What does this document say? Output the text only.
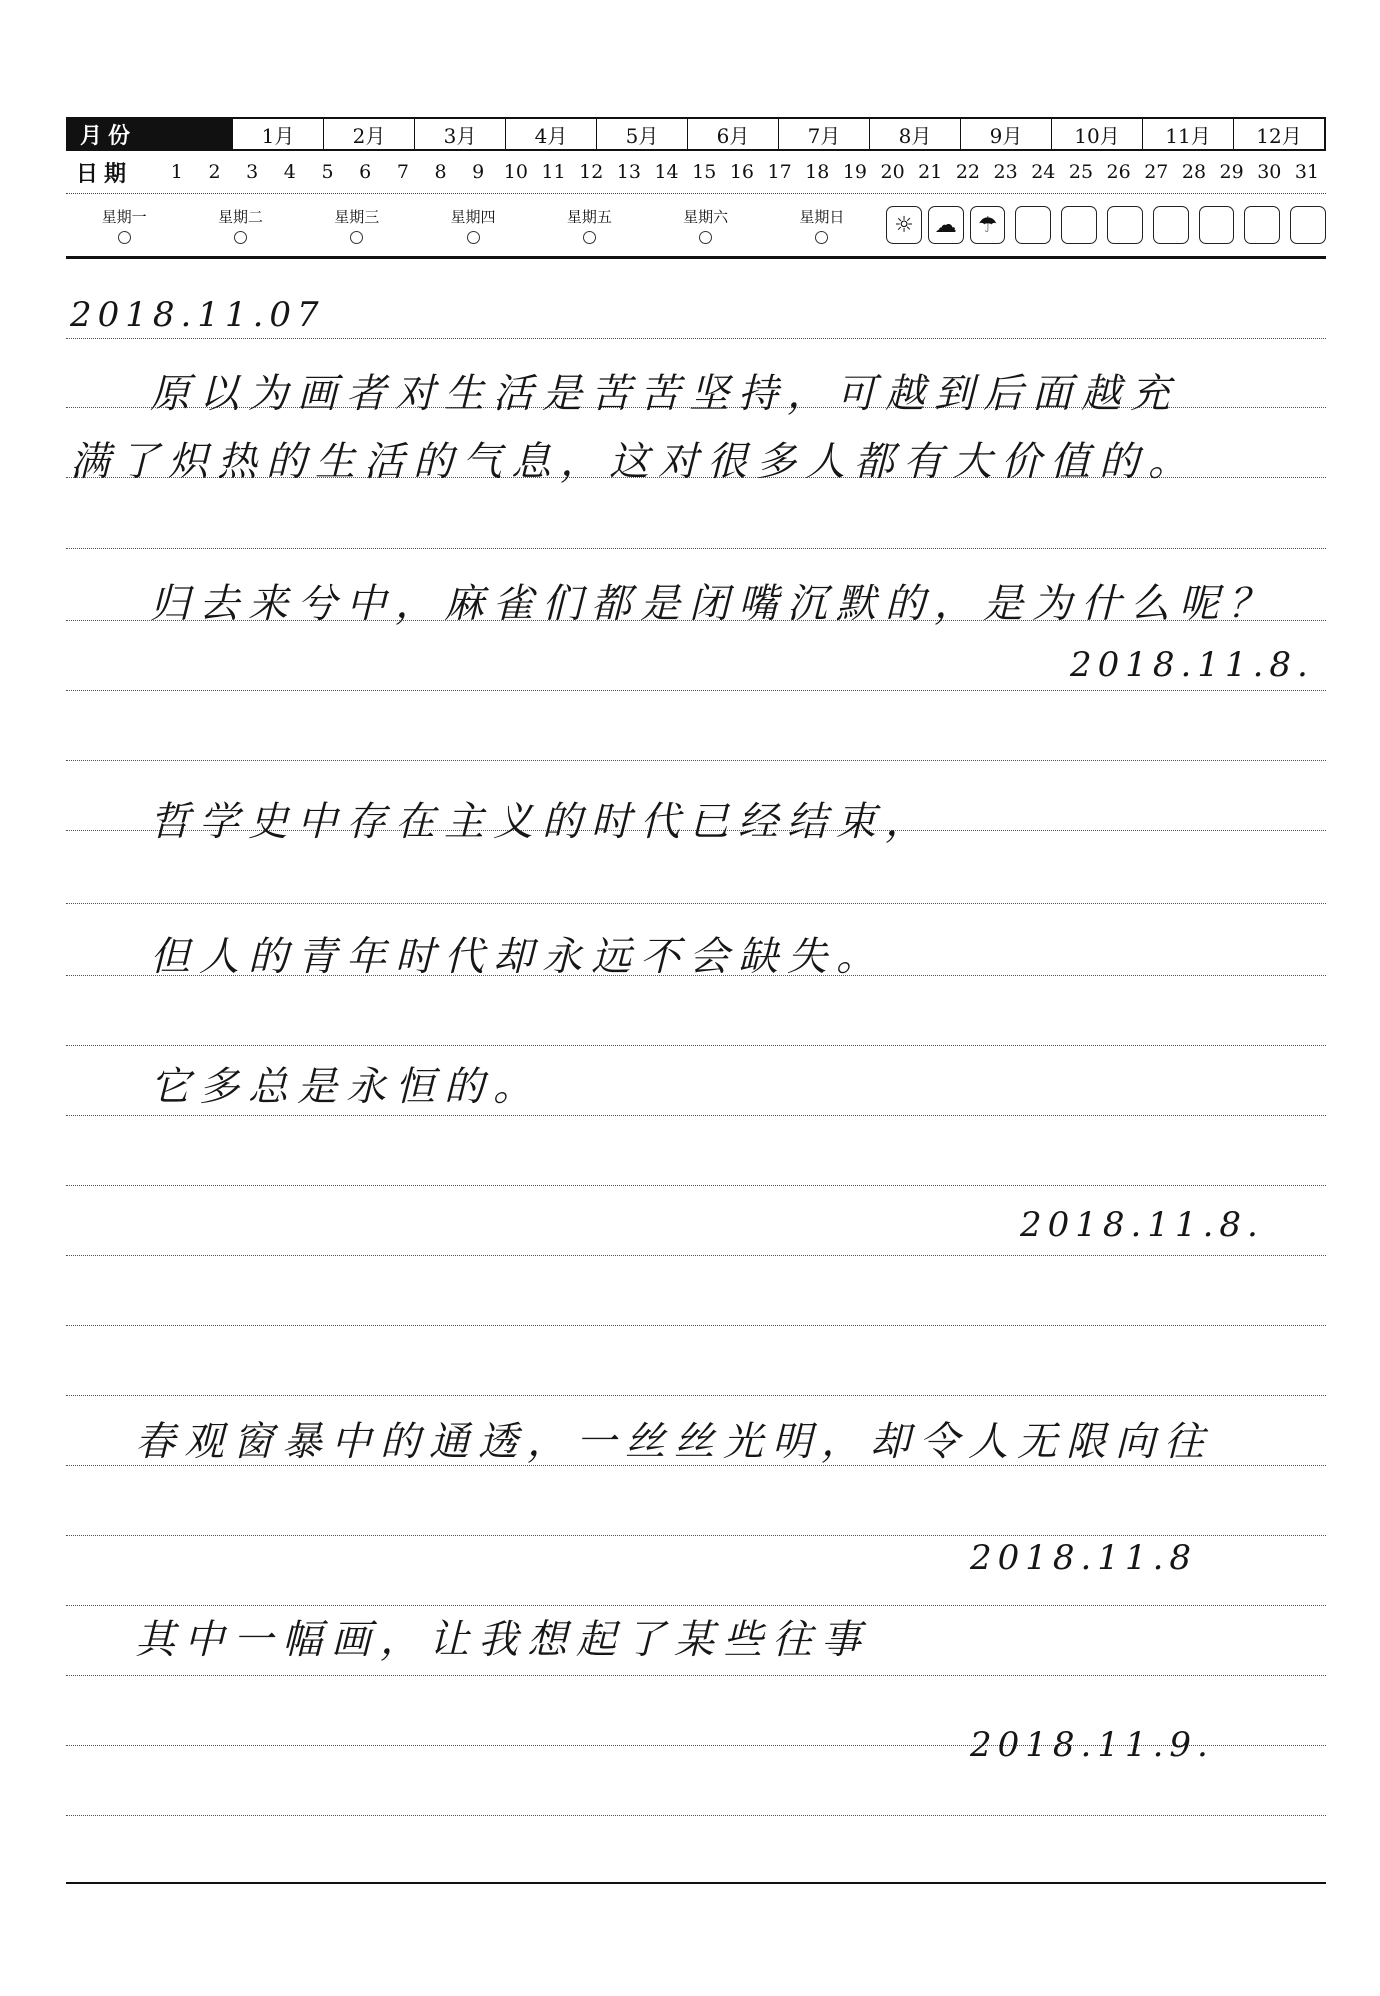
月份	1月	2月	3月	4月	5月	6月	7月	8月	9月	10月	11月	12月
日期	1	2	3	4	5	6	7	8	9	10 11 12 13 14 15 16 17 18 19 20 21 22 23 24 25 26 27 28 29 30 31
星期一	星期二	星期三	星期四	星期五	星期六	星期日	☼ ☁ ☂
2018.11.07
原以为画者对生活是苦苦坚持，可越到后面越充
满了炽热的生活的气息，这对很多人都有大价值的。
归去来兮中，麻雀们都是闭嘴沉默的，是为什么呢？
2018.11.8.
哲学史中存在主义的时代已经结束，
但人的青年时代却永远不会缺失。
它多总是永恒的。
2018.11.8.
春观窗暴中的通透，一丝丝光明，却令人无限向往
2018.11.8
其中一幅画，让我想起了某些往事
2018.11.9.
